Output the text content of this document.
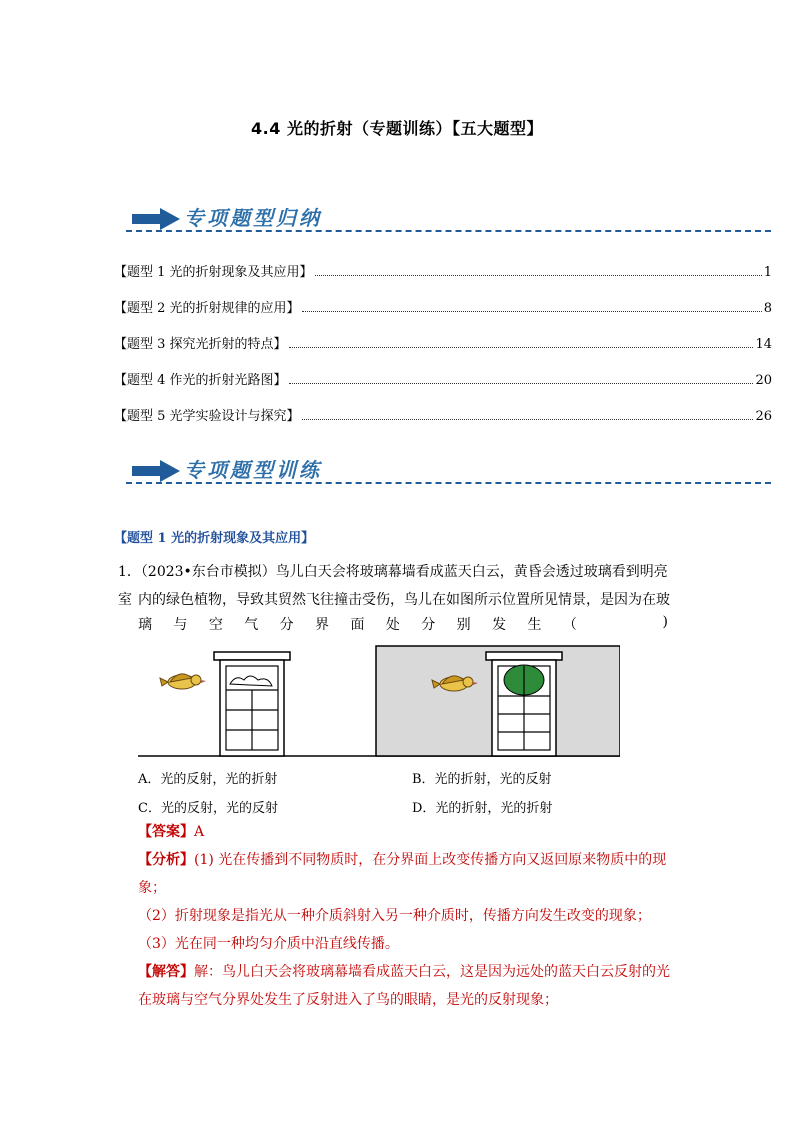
4.4 光的折射（专题训练）【五大题型】
专项题型归纳
【题型 1 光的折射现象及其应用】	1
【题型 2 光的折射规律的应用】	8
【题型 3 探究光折射的特点】	14
【题型 4 作光的折射光路图】	20
【题型 5 光学实验设计与探究】	26
专项题型训练
【题型 1 光的折射现象及其应用】
1．（2023•东台市模拟）鸟儿白天会将玻璃幕墙看成蓝天白云，黄昏会透过玻璃看到明亮室 内的绿色植物，导致其贸然飞往撞击受伤，鸟儿在如图所示位置所见情景，是因为在玻
璃 与 空 气 分 界 面 处 分 别 发 生 （	)
A．光的反射，光的折射	B．光的折射，光的反射
C．光的反射，光的反射	D．光的折射，光的折射
【答案】A
【分析】(1) 光在传播到不同物质时，在分界面上改变传播方向又返回原来物质中的现
象；
（2）折射现象是指光从一种介质斜射入另一种介质时，传播方向发生改变的现象；
（3）光在同一种均匀介质中沿直线传播。
【解答】解：鸟儿白天会将玻璃幕墙看成蓝天白云，这是因为远处的蓝天白云反射的光
在玻璃与空气分界处发生了反射进入了鸟的眼睛，是光的反射现象；
